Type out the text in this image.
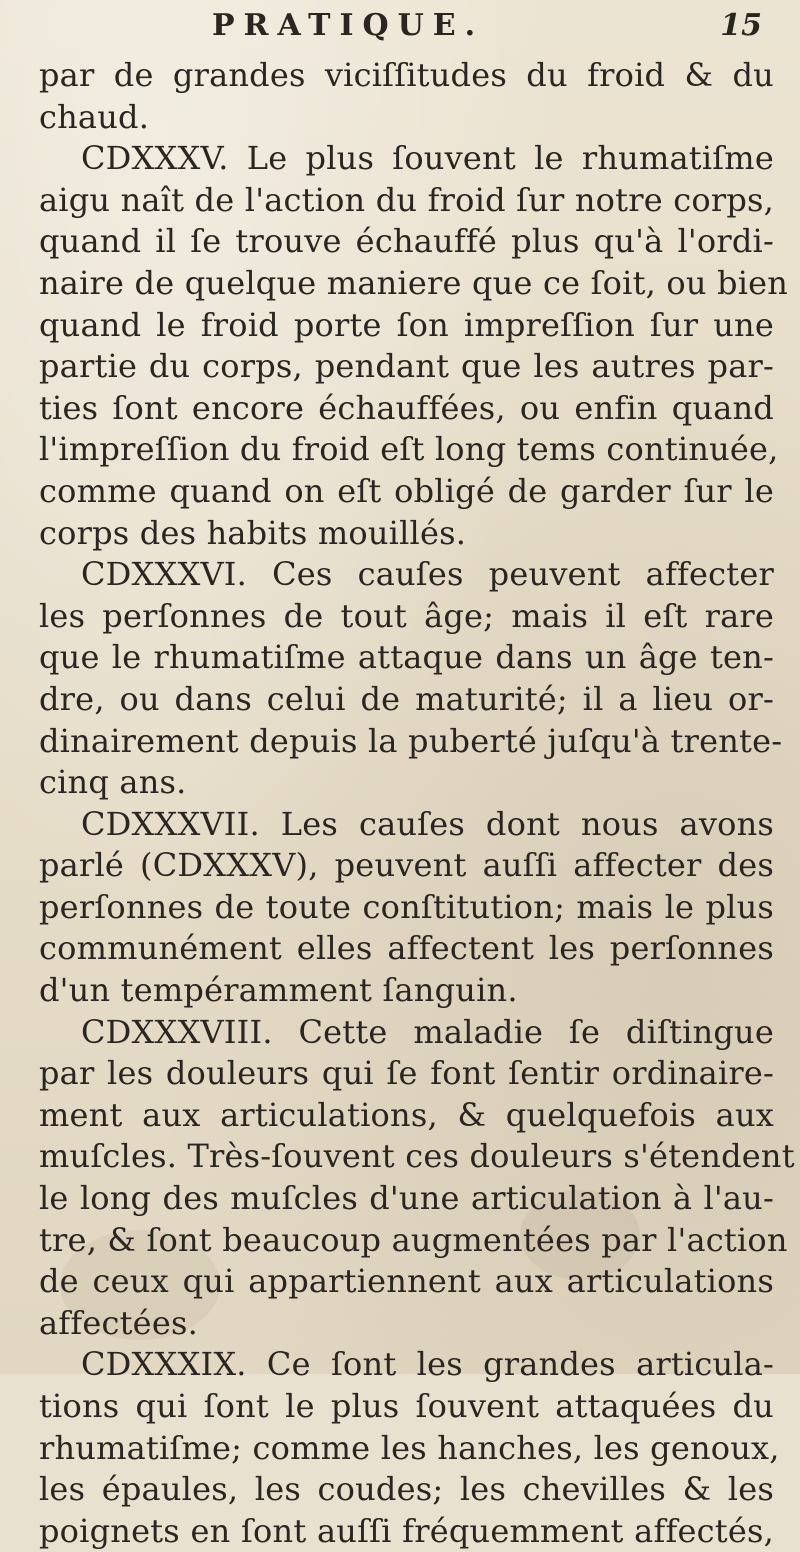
PRATIQUE.	15
par de grandes viciſſitudes du froid & du
chaud.
CDXXXV. Le plus ſouvent le rhumatiſme
aigu naît de l'action du froid ſur notre corps,
quand il ſe trouve échauffé plus qu'à l'ordi-
naire de quelque maniere que ce ſoit, ou bien
quand le froid porte ſon impreſſion ſur une
partie du corps, pendant que les autres par-
ties ſont encore échauffées, ou enfin quand
l'impreſſion du froid eſt long tems continuée,
comme quand on eſt obligé de garder ſur le
corps des habits mouillés.
CDXXXVI. Ces cauſes peuvent affecter
les perſonnes de tout âge; mais il eſt rare
que le rhumatiſme attaque dans un âge ten-
dre, ou dans celui de maturité; il a lieu or-
dinairement depuis la puberté juſqu'à trente-
cinq ans.
CDXXXVII. Les cauſes dont nous avons
parlé (CDXXXV), peuvent auſſi affecter des
perſonnes de toute conſtitution; mais le plus
communément elles affectent les perſonnes
d'un tempéramment ſanguin.
CDXXXVIII. Cette maladie ſe diſtingue
par les douleurs qui ſe font ſentir ordinaire-
ment aux articulations, & quelquefois aux
muſcles. Très-ſouvent ces douleurs s'étendent
le long des muſcles d'une articulation à l'au-
tre, & ſont beaucoup augmentées par l'action
de ceux qui appartiennent aux articulations
affectées.
CDXXXIX. Ce ſont les grandes articula-
tions qui ſont le plus ſouvent attaquées du
rhumatiſme; comme les hanches, les genoux,
les épaules, les coudes; les chevilles & les
poignets en ſont auſſi fréquemment affectés,
